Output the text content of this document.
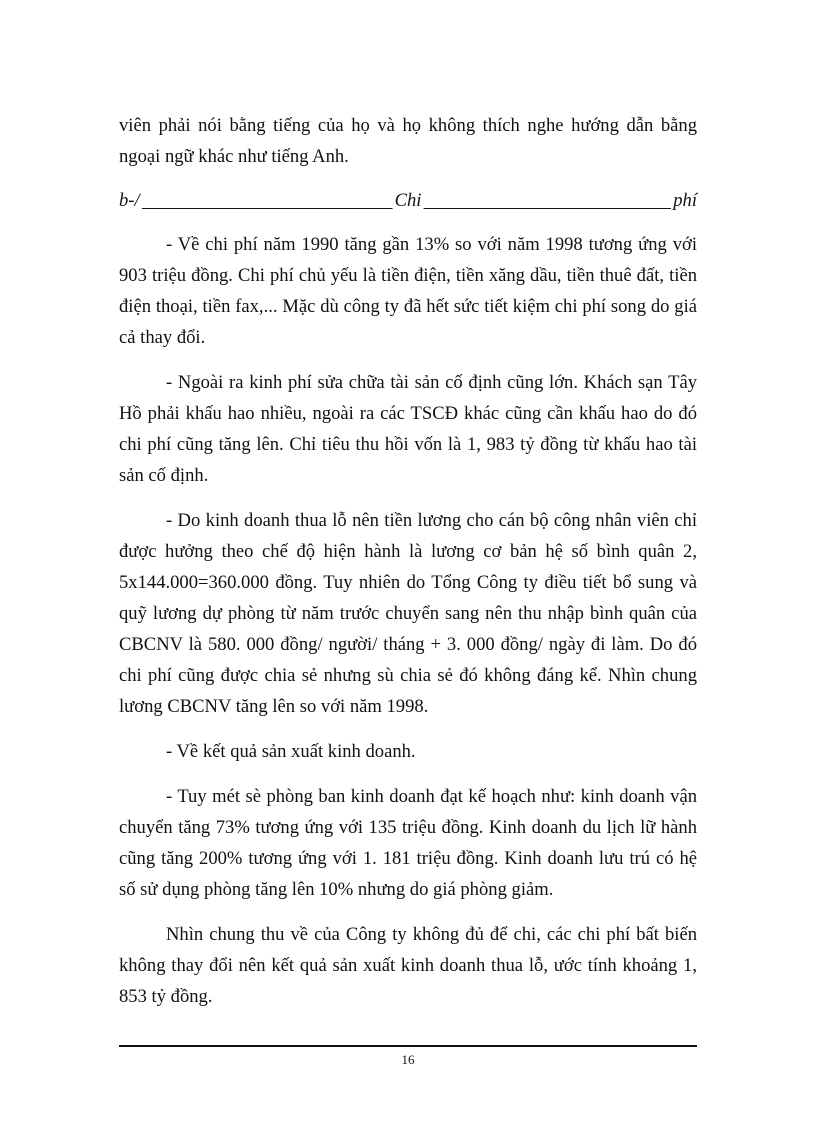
viên phải nói bằng tiếng của họ và họ không thích nghe hướng dẫn bằng ngoại ngữ khác như tiếng Anh.

b-/	Chi	phí

- Về chi phí năm 1990 tăng gần 13% so với năm 1998 tương ứng với 903 triệu đồng. Chi phí chủ yếu là tiền điện, tiền xăng dầu, tiền thuê đất, tiền điện thoại, tiền fax,... Mặc dù công ty đã hết sức tiết kiệm chi phí song do giá cả thay đổi.

- Ngoài ra kinh phí sửa chữa tài sản cố định cũng lớn. Khách sạn Tây Hồ phải khấu hao nhiều, ngoài ra các TSCĐ khác cũng cần khấu hao do đó chi phí cũng tăng lên. Chỉ tiêu thu hồi vốn là 1, 983 tỷ đồng từ khấu hao tài sản cố định.

- Do kinh doanh thua lỗ nên tiền lương cho cán bộ công nhân viên chỉ được hưởng theo chế độ hiện hành là lương cơ bản hệ số bình quân 2, 5x144.000=360.000 đồng. Tuy nhiên do Tổng Công ty điều tiết bổ sung và quỹ lương dự phòng từ năm trước chuyển sang nên thu nhập bình quân của CBCNV là 580. 000 đồng/ người/ tháng + 3. 000 đồng/ ngày đi làm. Do đó chi phí cũng được chia sẻ nhưng sù chia sẻ đó không đáng kể. Nhìn chung lương CBCNV tăng lên so với năm 1998.

- Về kết quả sản xuất kinh doanh.

- Tuy mét sè phòng ban kinh doanh đạt kế hoạch như: kinh doanh vận chuyển tăng 73% tương ứng với 135 triệu đồng. Kinh doanh du lịch lữ hành cũng tăng 200% tương ứng với 1. 181 triệu đồng. Kinh doanh lưu trú có hệ số sử dụng phòng tăng lên 10% nhưng do giá phòng giảm.

Nhìn chung thu về của Công ty không đủ để chi, các chi phí bất biến không thay đổi nên kết quả sản xuất kinh doanh thua lỗ, ước tính khoảng 1, 853 tỷ đồng.

16
